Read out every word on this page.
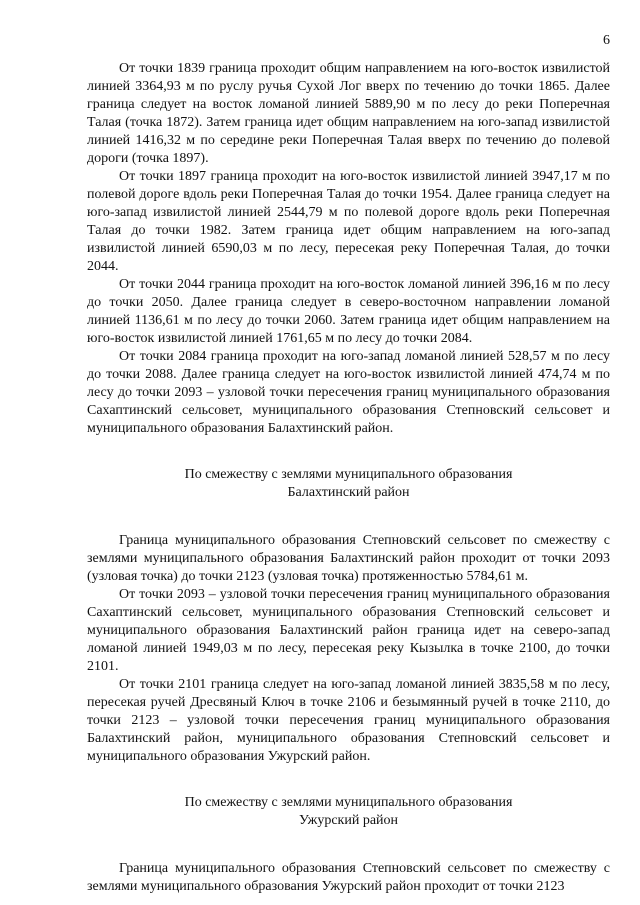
6

От точки 1839 граница проходит общим направлением на юго-восток извилистой линией 3364,93 м по руслу ручья Сухой Лог вверх по течению до точки 1865. Далее граница следует на восток ломаной линией 5889,90 м по лесу до реки Поперечная Талая (точка 1872). Затем граница идет общим направлением на юго-запад извилистой линией 1416,32 м по середине реки Поперечная Талая вверх по течению до полевой дороги (точка 1897).

От точки 1897 граница проходит на юго-восток извилистой линией 3947,17 м по полевой дороге вдоль реки Поперечная Талая до точки 1954. Далее граница следует на юго-запад извилистой линией 2544,79 м по полевой дороге вдоль реки Поперечная Талая до точки 1982. Затем граница идет общим направлением на юго-запад извилистой линией 6590,03 м по лесу, пересекая реку Поперечная Талая, до точки 2044.

От точки 2044 граница проходит на юго-восток ломаной линией 396,16 м по лесу до точки 2050. Далее граница следует в северо-восточном направлении ломаной линией 1136,61 м по лесу до точки 2060. Затем граница идет общим направлением на юго-восток извилистой линией 1761,65 м по лесу до точки 2084.

От точки 2084 граница проходит на юго-запад ломаной линией 528,57 м по лесу до точки 2088. Далее граница следует на юго-восток извилистой линией 474,74 м по лесу до точки 2093 – узловой точки пересечения границ муниципального образования Сахаптинский сельсовет, муниципального образования Степновский сельсовет и муниципального образования Балахтинский район.

По смежеству с землями муниципального образования
Балахтинский район

Граница муниципального образования Степновский сельсовет по смежеству с землями муниципального образования Балахтинский район проходит от точки 2093 (узловая точка) до точки 2123 (узловая точка) протяженностью 5784,61 м.

От точки 2093 – узловой точки пересечения границ муниципального образования Сахаптинский сельсовет, муниципального образования Степновский сельсовет и муниципального образования Балахтинский район граница идет на северо-запад ломаной линией 1949,03 м по лесу, пересекая реку Кызылка в точке 2100, до точки 2101.

От точки 2101 граница следует на юго-запад ломаной линией 3835,58 м по лесу, пересекая ручей Дресвяный Ключ в точке 2106 и безымянный ручей в точке 2110, до точки 2123 – узловой точки пересечения границ муниципального образования Балахтинский район, муниципального образования Степновский сельсовет и муниципального образования Ужурский район.

По смежеству с землями муниципального образования
Ужурский район

Граница муниципального образования Степновский сельсовет по смежеству с землями муниципального образования Ужурский район проходит от точки 2123
